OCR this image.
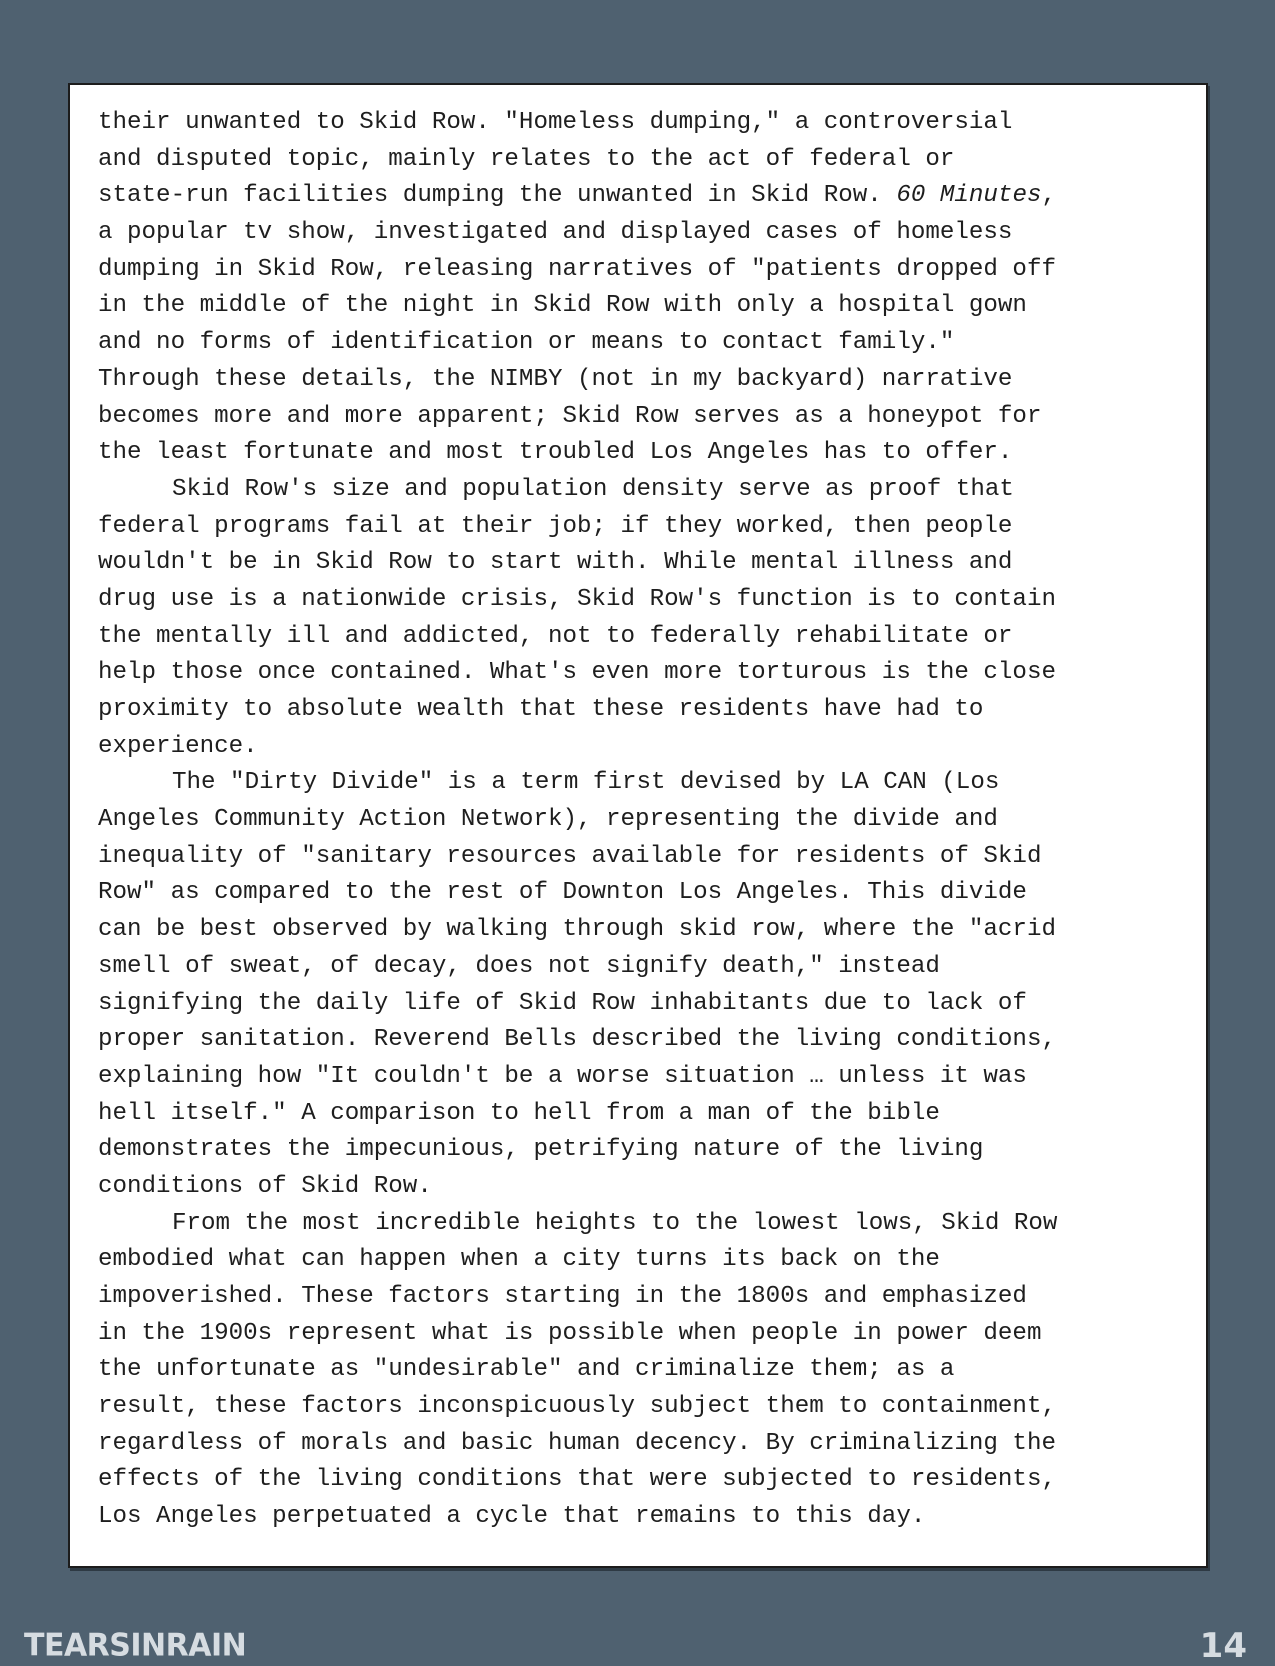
their unwanted to Skid Row. "Homeless dumping," a controversial
and disputed topic, mainly relates to the act of federal or
state-run facilities dumping the unwanted in Skid Row. 60 Minutes,
a popular tv show, investigated and displayed cases of homeless
dumping in Skid Row, releasing narratives of "patients dropped off
in the middle of the night in Skid Row with only a hospital gown
and no forms of identification or means to contact family."
Through these details, the NIMBY (not in my backyard) narrative
becomes more and more apparent; Skid Row serves as a honeypot for
the least fortunate and most troubled Los Angeles has to offer.
Skid Row's size and population density serve as proof that
federal programs fail at their job; if they worked, then people
wouldn't be in Skid Row to start with. While mental illness and
drug use is a nationwide crisis, Skid Row's function is to contain
the mentally ill and addicted, not to federally rehabilitate or
help those once contained. What's even more torturous is the close
proximity to absolute wealth that these residents have had to
experience.
The "Dirty Divide" is a term first devised by LA CAN (Los
Angeles Community Action Network), representing the divide and
inequality of "sanitary resources available for residents of Skid
Row" as compared to the rest of Downton Los Angeles. This divide
can be best observed by walking through skid row, where the "acrid
smell of sweat, of decay, does not signify death," instead
signifying the daily life of Skid Row inhabitants due to lack of
proper sanitation. Reverend Bells described the living conditions,
explaining how "It couldn't be a worse situation … unless it was
hell itself." A comparison to hell from a man of the bible
demonstrates the impecunious, petrifying nature of the living
conditions of Skid Row.
From the most incredible heights to the lowest lows, Skid Row
embodied what can happen when a city turns its back on the
impoverished. These factors starting in the 1800s and emphasized
in the 1900s represent what is possible when people in power deem
the unfortunate as "undesirable" and criminalize them; as a
result, these factors inconspicuously subject them to containment,
regardless of morals and basic human decency. By criminalizing the
effects of the living conditions that were subjected to residents,
Los Angeles perpetuated a cycle that remains to this day.
TEARSINRAIN	14
